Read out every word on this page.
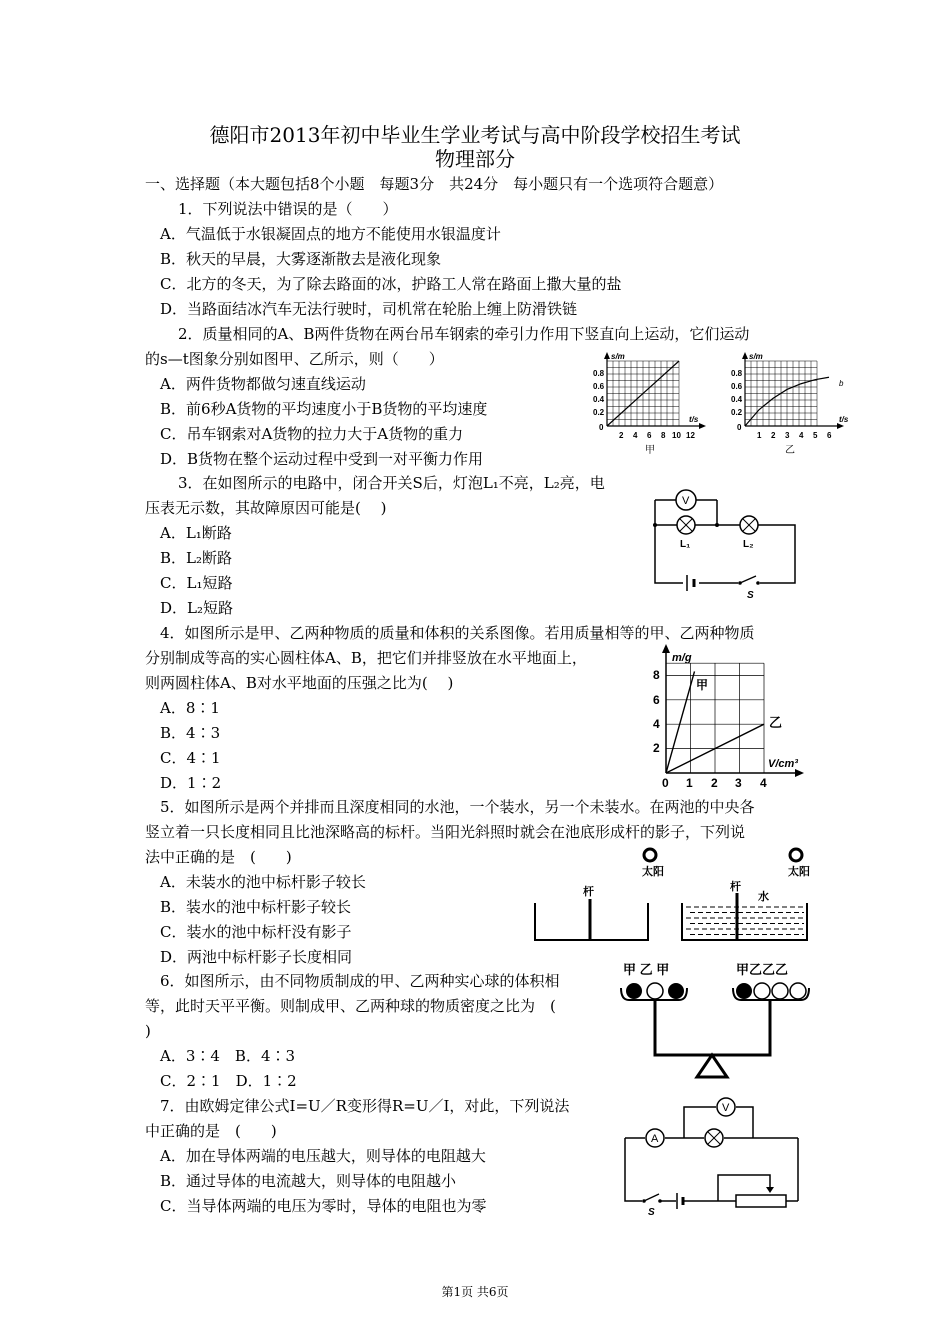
德阳市2013年初中毕业生学业考试与高中阶段学校招生考试
物理部分
一、选择题（本大题包括8个小题　每题3分　共24分　每小题只有一个选项符合题意）
1．下列说法中错误的是（　　）
A．气温低于水银凝固点的地方不能使用水银温度计
B．秋天的早晨，大雾逐渐散去是液化现象
C．北方的冬天，为了除去路面的冰，护路工人常在路面上撒大量的盐
D．当路面结冰汽车无法行驶时，司机常在轮胎上缠上防滑铁链
2．质量相同的A、B两件货物在两台吊车钢索的牵引力作用下竖直向上运动，它们运动
的s—t图象分别如图甲、乙所示，则（　　）
A．两件货物都做匀速直线运动
B．前6秒A货物的平均速度小于B货物的平均速度
C．吊车钢索对A货物的拉力大于A货物的重力
D．B货物在整个运动过程中受到一对平衡力作用
s/m
t/s
0.8
0.6
0.4
0.2
0
2 4 6 8 10 12
甲
s/m
t/s
0.8
0.6
0.4
0.2
0
1 2 3 4 5 6
b
乙
3．在如图所示的电路中，闭合开关S后，灯泡L₁不亮，L₂亮，电
压表无示数，其故障原因可能是(　 )
A．L₁断路
B．L₂断路
C．L₁短路
D．L₂短路
V
L₁	L₂
S
4．如图所示是甲、乙两种物质的质量和体积的关系图像。若用质量相等的甲、乙两种物质
分别制成等高的实心圆柱体A、B，把它们并排竖放在水平地面上，
则两圆柱体A、B对水平地面的压强之比为(　 )
A．8∶1
B．4∶3
C．4∶1
D．1∶2
m/g
V/cm³
8
6
4
2
0 1 2 3 4
甲
乙
5．如图所示是两个并排而且深度相同的水池，一个装水，另一个未装水。在两池的中央各
竖立着一只长度相同且比池深略高的标杆。当阳光斜照时就会在池底形成杆的影子，下列说
法中正确的是　(　　)
A．未装水的池中标杆影子较长
B．装水的池中标杆影子较长
C．装水的池中标杆没有影子
D．两池中标杆影子长度相同
太阳	太阳
杆	杆
水
6．如图所示，由不同物质制成的甲、乙两种实心球的体积相
等，此时天平平衡。则制成甲、乙两种球的物质密度之比为　(
)
A．3∶4　B．4∶3
C．2∶1　D．1∶2
甲 乙 甲	甲乙乙乙
7．由欧姆定律公式I=U／R变形得R=U／I，对此，下列说法
中正确的是　(　　)
A．加在导体两端的电压越大，则导体的电阻越大
B．通过导体的电流越大，则导体的电阻越小
C．当导体两端的电压为零时，导体的电阻也为零
A
V
S
第1页 共6页
